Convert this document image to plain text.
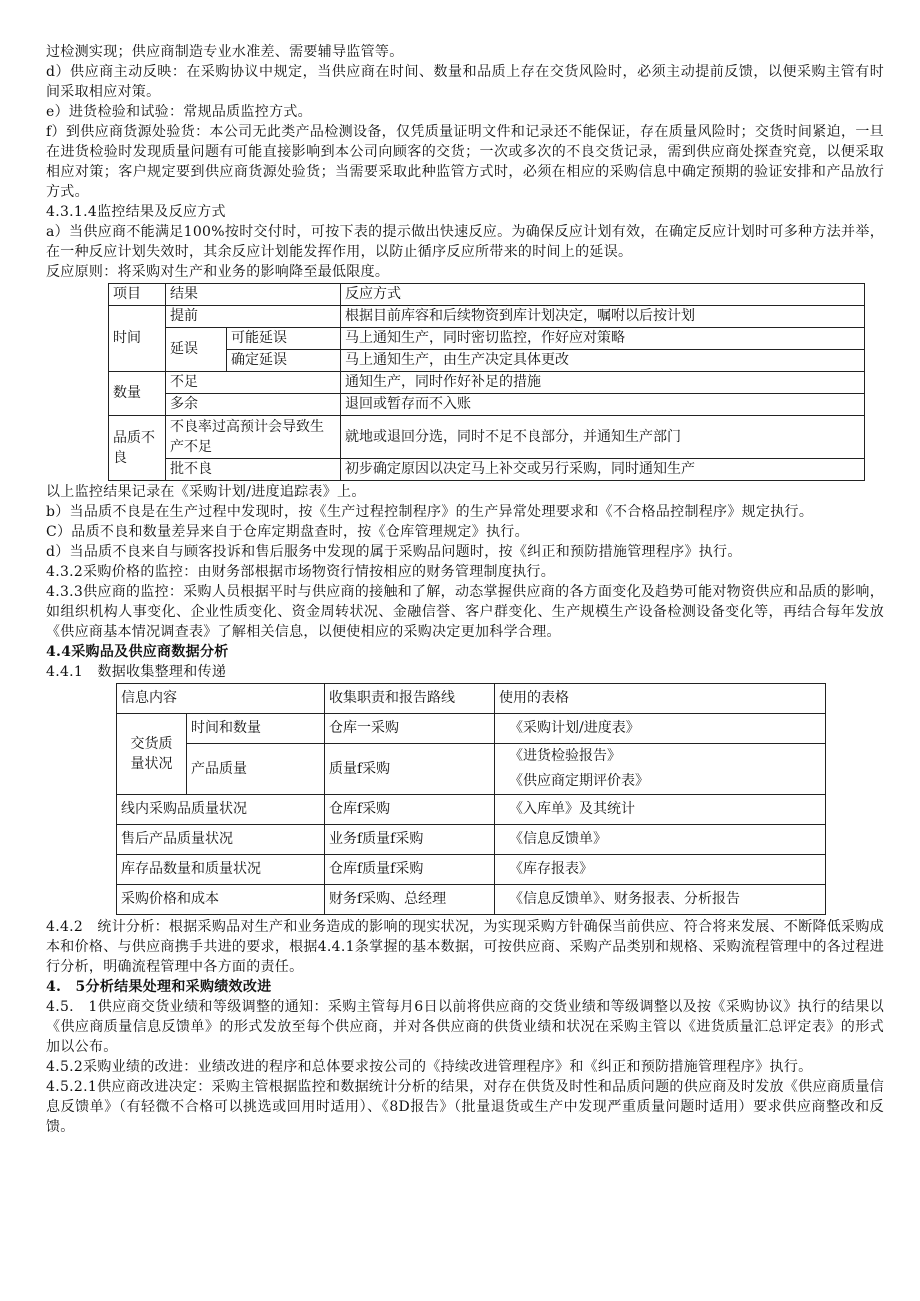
过检测实现；供应商制造专业水准差、需要辅导监管等。

d）供应商主动反映：在采购协议中规定，当供应商在时间、数量和品质上存在交货风险时，必须主动提前反馈，以便采购主管有时间采取相应对策。

e）进货检验和试验：常规品质监控方式。

f）到供应商货源处验货：本公司无此类产品检测设备，仅凭质量证明文件和记录还不能保证，存在质量风险时；交货时间紧迫，一旦在进货检验时发现质量问题有可能直接影响到本公司向顾客的交货；一次或多次的不良交货记录，需到供应商处探查究竟，以便采取相应对策；客户规定要到供应商货源处验货；当需要采取此种监管方式时，必须在相应的采购信息中确定预期的验证安排和产品放行方式。

4.3.1.4监控结果及反应方式

a）当供应商不能满足100%按时交付时，可按下表的提示做出快速反应。为确保反应计划有效，在确定反应计划时可多种方法并举，在一种反应计划失效时，其余反应计划能发挥作用，以防止循序反应所带来的时间上的延误。

反应原则：将采购对生产和业务的影响降至最低限度。

项目	结果		反应方式
时间	提前		根据目前库容和后续物资到库计划决定，嘱咐以后按计划
	延误	可能延误	马上通知生产，同时密切监控，作好应对策略
		确定延误	马上通知生产，由生产决定具体更改
数量	不足		通知生产，同时作好补足的措施
	多余		退回或暂存而不入账
品质不良	不良率过高预计会导致生产不足		就地或退回分选，同时不足不良部分，并通知生产部门
	批不良		初步确定原因以决定马上补交或另行采购，同时通知生产

以上监控结果记录在《采购计划/进度追踪表》上。

b）当品质不良是在生产过程中发现时，按《生产过程控制程序》的生产异常处理要求和《不合格品控制程序》规定执行。

C）品质不良和数量差异来自于仓库定期盘查时，按《仓库管理规定》执行。

d）当品质不良来自与顾客投诉和售后服务中发现的属于采购品问题时，按《纠正和预防措施管理程序》执行。

4.3.2采购价格的监控：由财务部根据市场物资行情按相应的财务管理制度执行。

4.3.3供应商的监控：采购人员根据平时与供应商的接触和了解，动态掌握供应商的各方面变化及趋势可能对物资供应和品质的影响，如组织机构人事变化、企业性质变化、资金周转状况、金融信誉、客户群变化、生产规模生产设备检测设备变化等，再结合每年发放《供应商基本情况调查表》了解相关信息，以便使相应的采购决定更加科学合理。

4.4采购品及供应商数据分析

4.4.1　数据收集整理和传递

信息内容		收集职责和报告路线	使用的表格
交货质量状况	时间和数量	仓库一采购	《采购计划/进度表》
	产品质量	质量f采购	《进货检验报告》
《供应商定期评价表》

线内采购品质量状况		仓库f采购	《入库单》及其统计
售后产品质量状况		业务f质量f采购	《信息反馈单》
库存品数量和质量状况		仓库f质量f采购	《库存报表》
采购价格和成本		财务f采购、总经理	《信息反馈单》、财务报表、分析报告

4.4.2　统计分析：根据采购品对生产和业务造成的影响的现实状况，为实现采购方针确保当前供应、符合将来发展、不断降低采购成本和价格、与供应商携手共进的要求，根据4.4.1条掌握的基本数据，可按供应商、采购产品类别和规格、采购流程管理中的各过程进行分析，明确流程管理中各方面的责任。

4.　5分析结果处理和采购绩效改进

4.5.　1供应商交货业绩和等级调整的通知：采购主管每月6日以前将供应商的交货业绩和等级调整以及按《采购协议》执行的结果以《供应商质量信息反馈单》的形式发放至每个供应商，并对各供应商的供货业绩和状况在采购主管以《进货质量汇总评定表》的形式加以公布。

4.5.2采购业绩的改进：业绩改进的程序和总体要求按公司的《持续改进管理程序》和《纠正和预防措施管理程序》执行。

4.5.2.1供应商改进决定：采购主管根据监控和数据统计分析的结果，对存在供货及时性和品质问题的供应商及时发放《供应商质量信息反馈单》（有轻微不合格可以挑选或回用时适用）、《8D报告》（批量退货或生产中发现严重质量问题时适用）要求供应商整改和反馈。
